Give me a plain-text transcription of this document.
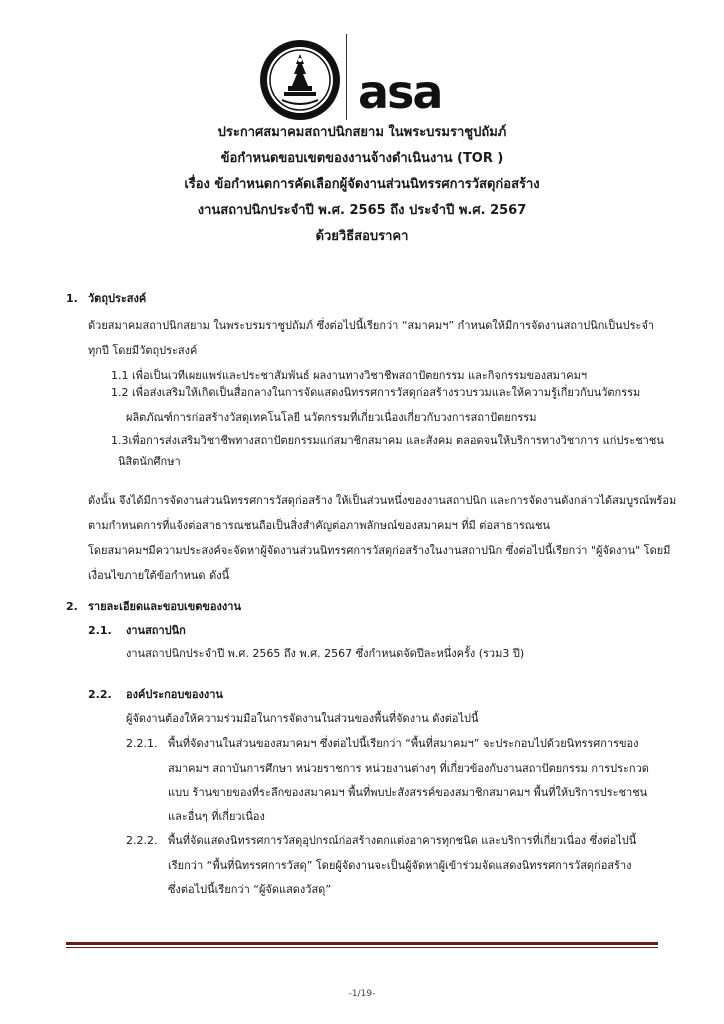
asa
ประกาศสมาคมสถาปนิกสยาม ในพระบรมราชูปถัมภ์
ข้อกำหนดขอบเขตของงานจ้างดำเนินงาน (TOR )
เรื่อง ข้อกำหนดการคัดเลือกผู้จัดงานส่วนนิทรรศการวัสดุก่อสร้าง
งานสถาปนิกประจำปี พ.ศ. 2565 ถึง ประจำปี พ.ศ. 2567
ด้วยวิธีสอบราคา
1. วัตถุประสงค์
ด้วยสมาคมสถาปนิกสยาม ในพระบรมราชูปถัมภ์ ซึ่งต่อไปนี้เรียกว่า “สมาคมฯ” กำหนดให้มีการจัดงานสถาปนิกเป็นประจำ
ทุกปี โดยมีวัตถุประสงค์
1.1 เพื่อเป็นเวทีเผยแพร่และประชาสัมพันธ์ ผลงานทางวิชาชีพสถาปัตยกรรม และกิจกรรมของสมาคมฯ
1.2 เพื่อส่งเสริมให้เกิดเป็นสื่อกลางในการจัดแสดงนิทรรศการวัสดุก่อสร้างรวบรวมและให้ความรู้เกี่ยวกับนวัตกรรม
ผลิตภัณฑ์การก่อสร้างวัสดุเทคโนโลยี นวัตกรรมที่เกี่ยวเนื่องเกี่ยวกับวงการสถาปัตยกรรม
1.3เพื่อการส่งเสริมวิชาชีพทางสถาปัตยกรรมแก่สมาชิกสมาคม และสังคม ตลอดจนให้บริการทางวิชาการ แก่ประชาชน
นิสิตนักศึกษา
ดังนั้น จึงได้มีการจัดงานส่วนนิทรรศการวัสดุก่อสร้าง ให้เป็นส่วนหนึ่งของงานสถาปนิก และการจัดงานดังกล่าวได้สมบูรณ์พร้อม
ตามกำหนดการที่แจ้งต่อสาธารณชนถือเป็นสิ่งสำคัญต่อภาพลักษณ์ของสมาคมฯ ที่มี ต่อสาธารณชน
โดยสมาคมฯมีความประสงค์จะจัดหาผู้จัดงานส่วนนิทรรศการวัสดุก่อสร้างในงานสถาปนิก ซึ่งต่อไปนี้เรียกว่า "ผู้จัดงาน" โดยมี
เงื่อนไขภายใต้ข้อกำหนด ดังนี้
2. รายละเอียดและขอบเขตของงาน
2.1. งานสถาปนิก
งานสถาปนิกประจำปี พ.ศ. 2565 ถึง พ.ศ. 2567 ซึ่งกำหนดจัดปีละหนึ่งครั้ง (รวม3 ปี)
2.2. องค์ประกอบของงาน
ผู้จัดงานต้องให้ความร่วมมือในการจัดงานในส่วนของพื้นที่จัดงาน ดังต่อไปนี้
2.2.1. พื้นที่จัดงานในส่วนของสมาคมฯ ซึ่งต่อไปนี้เรียกว่า “พื้นที่สมาคมฯ” จะประกอบไปด้วยนิทรรศการของ
สมาคมฯ สถาบันการศึกษา หน่วยราชการ หน่วยงานต่างๆ ที่เกี่ยวข้องกับงานสถาปัตยกรรม การประกวด
แบบ ร้านขายของที่ระลึกของสมาคมฯ พื้นที่พบปะสังสรรค์ของสมาชิกสมาคมฯ พื้นที่ให้บริการประชาชน
และอื่นๆ ที่เกี่ยวเนื่อง
2.2.2. พื้นที่จัดแสดงนิทรรศการวัสดุอุปกรณ์ก่อสร้างตกแต่งอาคารทุกชนิด และบริการที่เกี่ยวเนื่อง ซึ่งต่อไปนี้
เรียกว่า “พื้นที่นิทรรศการวัสดุ” โดยผู้จัดงานจะเป็นผู้จัดหาผู้เข้าร่วมจัดแสดงนิทรรศการวัสดุก่อสร้าง
ซึ่งต่อไปนี้เรียกว่า “ผู้จัดแสดงวัสดุ”
-1/19-
